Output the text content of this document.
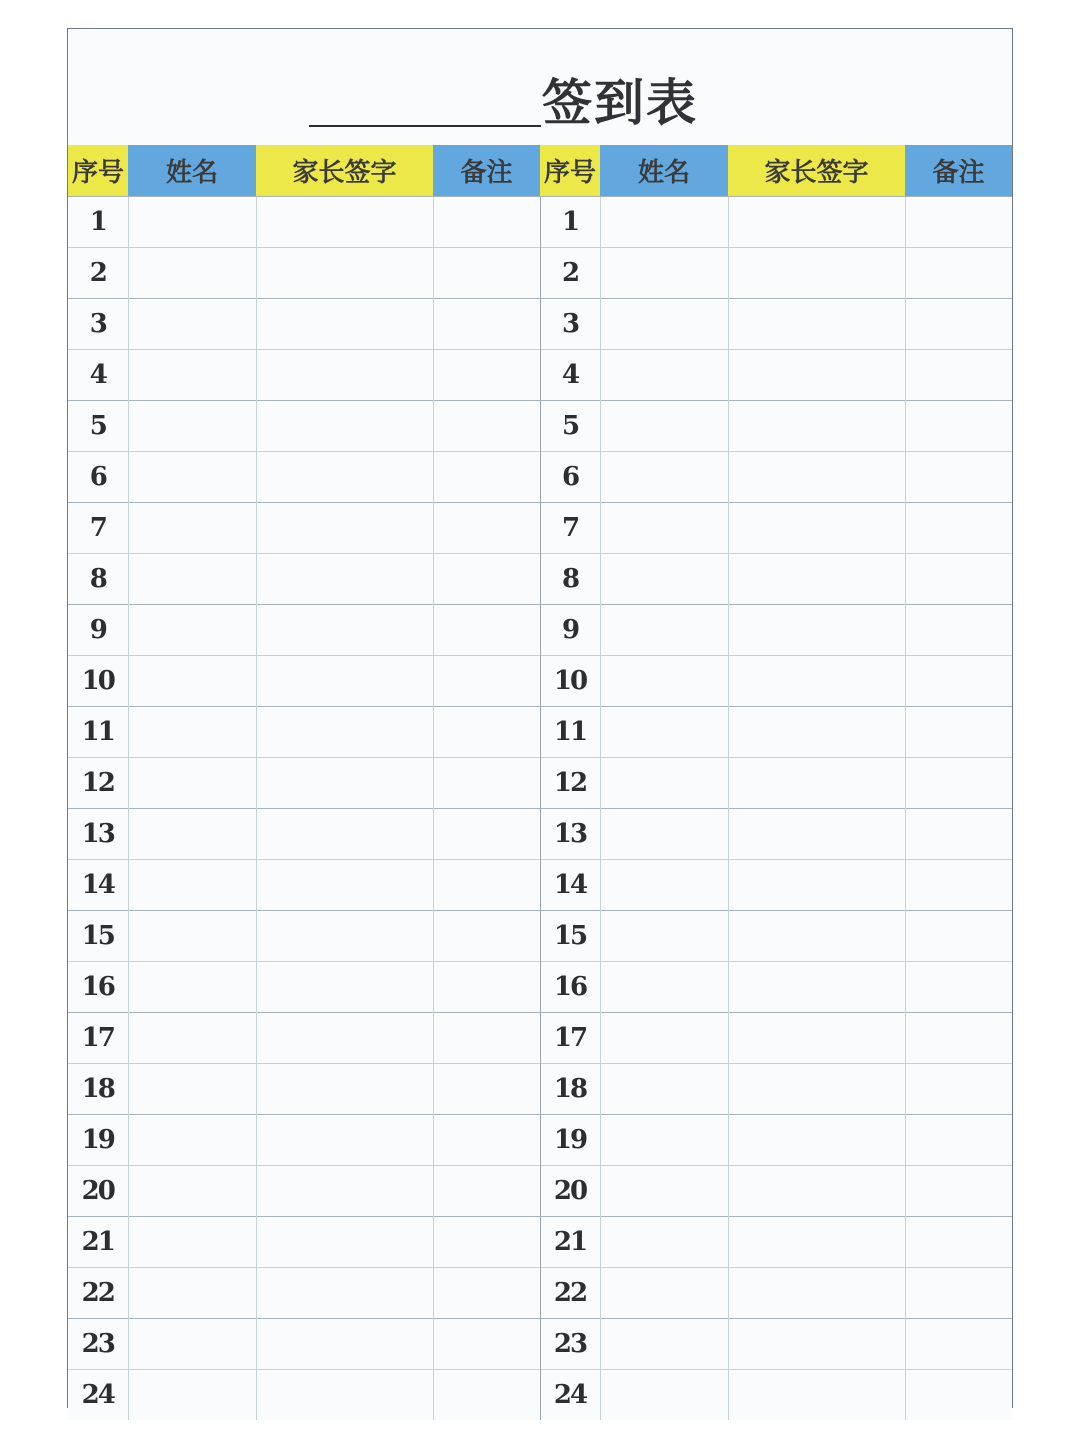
签到表
序号	姓名	家长签字	备注	序号	姓名	家长签字	备注
1				1			
2				2			
3				3			
4				4			
5				5			
6				6			
7				7			
8				8			
9				9			
10				10			
11				11			
12				12			
13				13			
14				14			
15				15			
16				16			
17				17			
18				18			
19				19			
20				20			
21				21			
22				22			
23				23			
24				24			
